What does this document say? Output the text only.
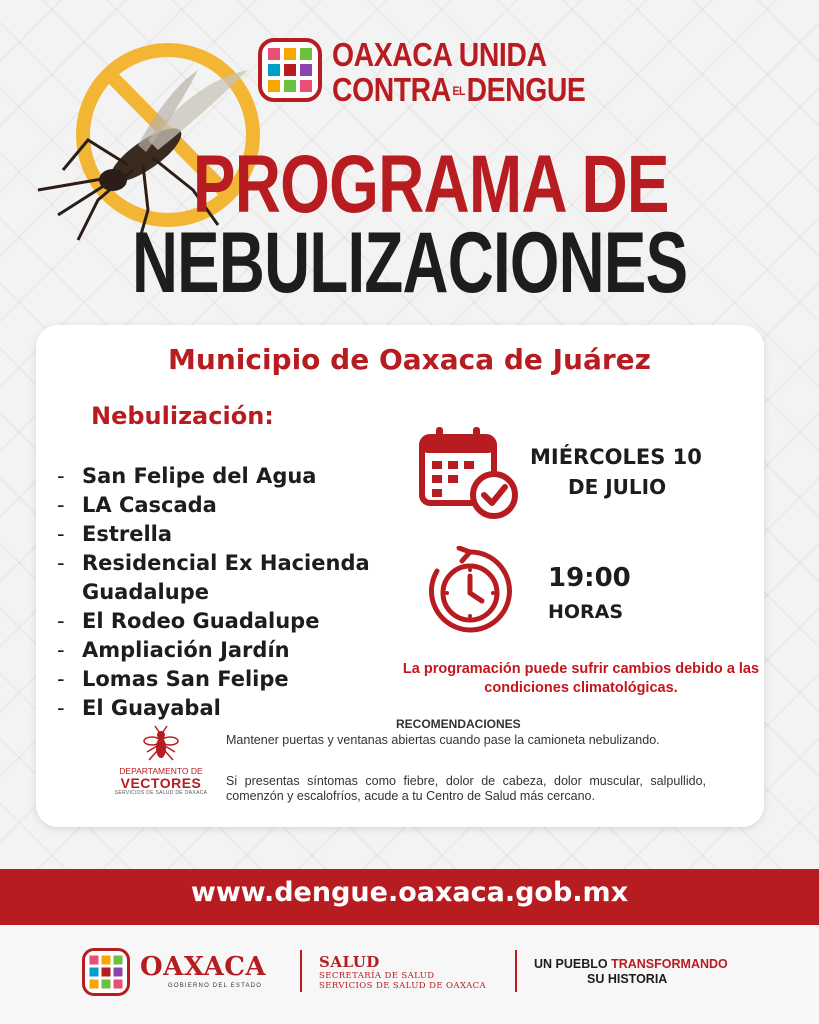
OAXACA UNIDA
CONTRA ELDENGUE
PROGRAMA DE
NEBULIZACIONES
Municipio de Oaxaca de Juárez
Nebulización:
- San Felipe del Agua
- LA Cascada
- Estrella
- Residencial Ex Hacienda Guadalupe
- El Rodeo Guadalupe
- Ampliación Jardín
- Lomas San Felipe
- El Guayabal
MIÉRCOLES 10
DE JULIO
19:00
HORAS
La programación puede sufrir cambios debido a las condiciones climatológicas.
RECOMENDACIONES
Mantener puertas y ventanas abiertas cuando pase la camioneta nebulizando.
Si presentas síntomas como fiebre, dolor de cabeza, dolor muscular, salpullido, comenzón y escalofríos, acude a tu Centro de Salud más cercano.
DEPARTAMENTO DE
VECTORES
SERVICIOS DE SALUD DE OAXACA
www.dengue.oaxaca.gob.mx
OAXACA
GOBIERNO DEL ESTADO
SALUD
SECRETARÍA DE SALUD
SERVICIOS DE SALUD DE OAXACA
UN PUEBLO TRANSFORMANDO
SU HISTORIA
